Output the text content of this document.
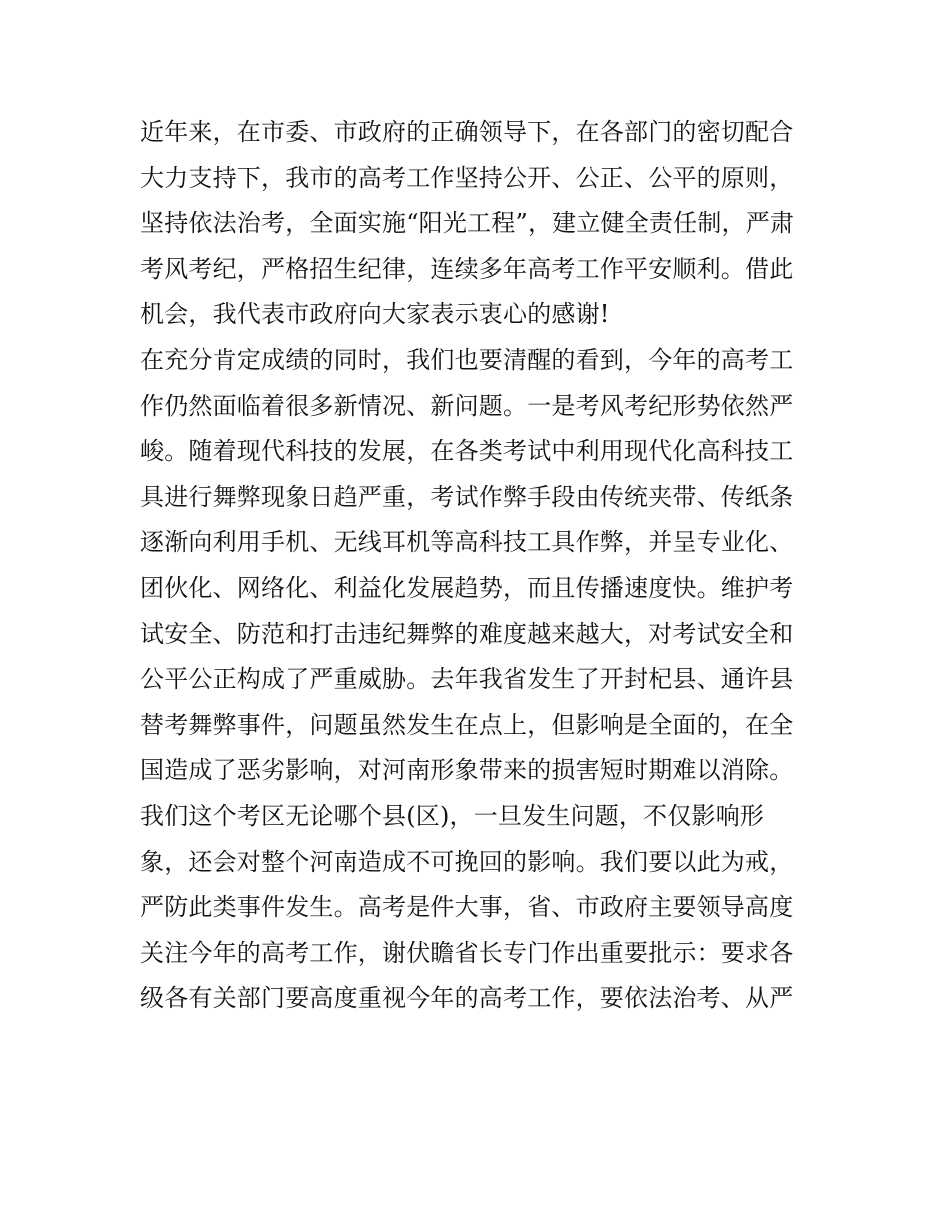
近年来，在市委、市政府的正确领导下，在各部门的密切配合
大力支持下，我市的高考工作坚持公开、公正、公平的原则，
坚持依法治考，全面实施“阳光工程”，建立健全责任制，严肃
考风考纪，严格招生纪律，连续多年高考工作平安顺利。借此
机会，我代表市政府向大家表示衷心的感谢!
在充分肯定成绩的同时，我们也要清醒的看到，今年的高考工
作仍然面临着很多新情况、新问题。一是考风考纪形势依然严
峻。随着现代科技的发展，在各类考试中利用现代化高科技工
具进行舞弊现象日趋严重，考试作弊手段由传统夹带、传纸条
逐渐向利用手机、无线耳机等高科技工具作弊，并呈专业化、
团伙化、网络化、利益化发展趋势，而且传播速度快。维护考
试安全、防范和打击违纪舞弊的难度越来越大，对考试安全和
公平公正构成了严重威胁。去年我省发生了开封杞县、通许县
替考舞弊事件，问题虽然发生在点上，但影响是全面的，在全
国造成了恶劣影响，对河南形象带来的损害短时期难以消除。
我们这个考区无论哪个县(区)，一旦发生问题，不仅影响形
象，还会对整个河南造成不可挽回的影响。我们要以此为戒，
严防此类事件发生。高考是件大事，省、市政府主要领导高度
关注今年的高考工作，谢伏瞻省长专门作出重要批示：要求各
级各有关部门要高度重视今年的高考工作，要依法治考、从严
